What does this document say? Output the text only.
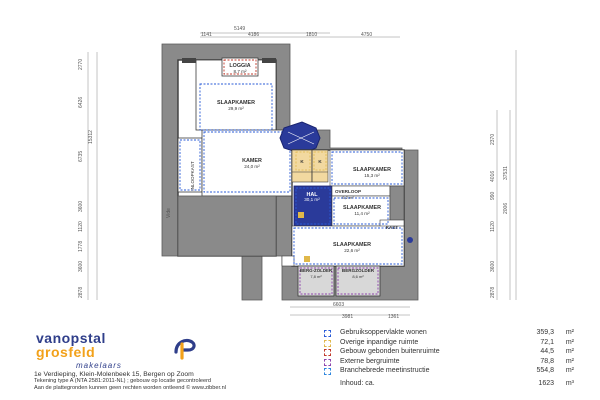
5149
1141	4186	1810	4750
2770
6426
6735
3600
1120
1778
3600
2878
15312	2370
4016 37531
990
2006
1120
3600
2878
6603
3981	1361
LOGGIA
8,7 m²
SLAAPKAMER
29,9 m²
KAMER
24,0 m²
INLOOPKAST
Vide
K	K
SLAAPKAMER
15,3 m²
HAL
30,1 m²
OVERLOOP
5,2 m²
SLAAPKAMER
11,4 m²
KAST
SLAAPKAMER
22,6 m²
BERG-ZOLDER
7,8 m²
BERGZOLDER
8,6 m²
vanopstal
grosfeld
makelaars
1e Verdieping, Klein-Molenbeek 15, Bergen op Zoom
Tekening type A (NTA 2581:2011-NL) ; gebouw op locatie gecontroleerd
Aan de plattegronden kunnen geen rechten worden ontleend © www.zibber.nl
Gebruiksoppervlakte wonen	359,3 m²
Overige inpandige ruimte	72,1 m²
Gebouw gebonden buitenruimte	44,5 m²
Externe bergruimte	78,8 m²
Branchebrede meetinstructie	554,8 m²
Inhoud: ca.	1623 m³
